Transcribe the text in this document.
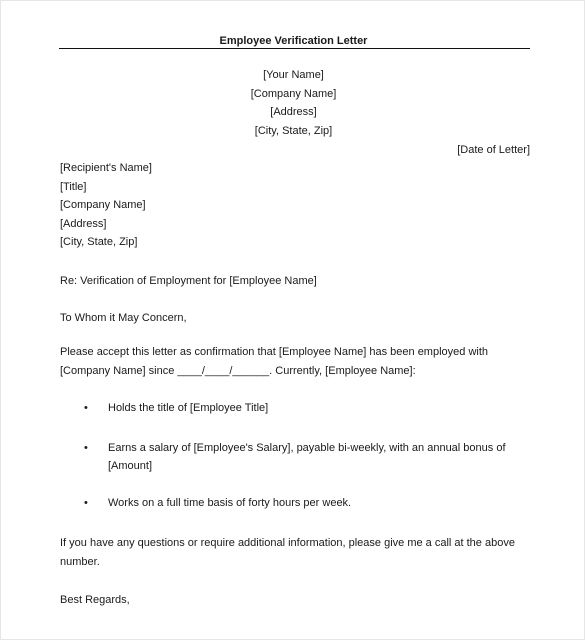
Employee Verification Letter
[Your Name]
[Company Name]
[Address]
[City, State, Zip]
[Date of Letter]
[Recipient's Name]
[Title]
[Company Name]
[Address]
[City, State, Zip]
Re: Verification of Employment for [Employee Name]
To Whom it May Concern,
Please accept this letter as confirmation that [Employee Name] has been employed with [Company Name] since ____/____/______. Currently, [Employee Name]:
• Holds the title of [Employee Title]
• Earns a salary of [Employee's Salary], payable bi-weekly, with an annual bonus of [Amount]
• Works on a full time basis of forty hours per week.
If you have any questions or require additional information, please give me a call at the above number.
Best Regards,
